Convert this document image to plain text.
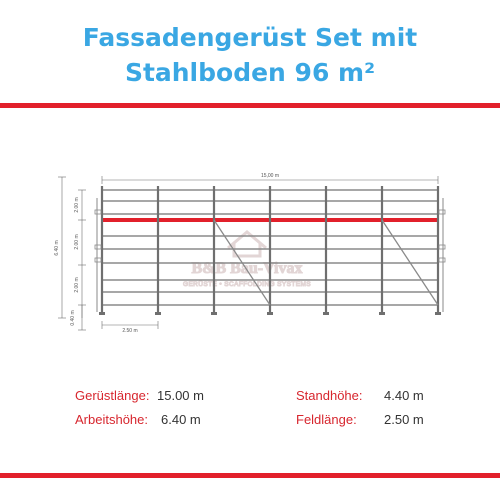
Fassadengerüst Set mit
Stahlboden 96 m²
B&B Bau-Vivax
GERÜSTE • SCAFFOLDING SYSTEMS
15,00 m
2.50 m
6.40 m
2.00 m
2.00 m
2.00 m
0.40 m
Gerüstlänge: 15.00 m
Arbeitshöhe: 6.40 m
Standhöhe: 4.40 m
Feldlänge: 2.50 m
